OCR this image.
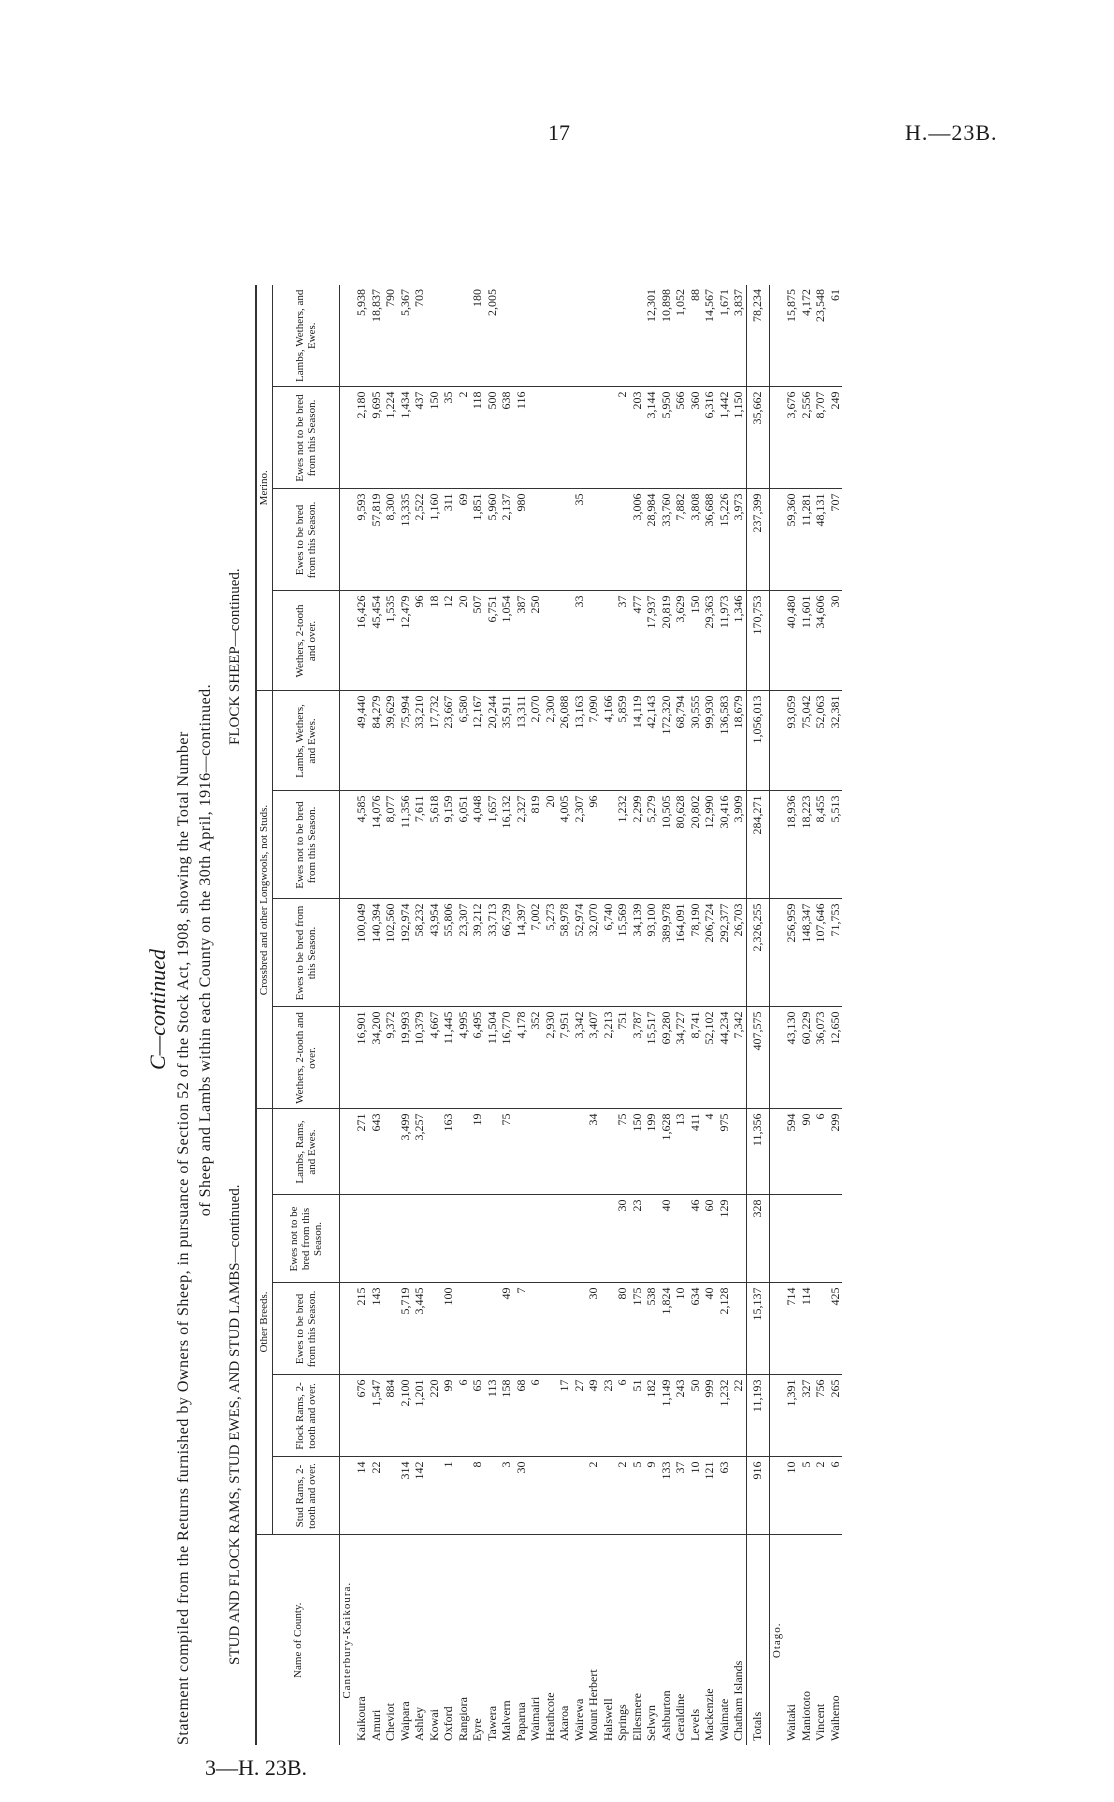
17	H.—23B.
C—continued Statement compiled from the Returns furnished by Owners of Sheep, in pursuance of Section 52 of the Stock Act, 1908, showing the Total Number of Sheep and Lambs within each County on the 30th April, 1916—continued.
STUD AND FLOCK RAMS, STUD EWES, AND STUD LAMBS—continued.
FLOCK SHEEP—continued.
Name of County.	Other Breeds.					Crossbred and other Longwools, not Studs.				Merino.			
	Stud Rams, 2-tooth and over.	Flock Rams, 2-tooth and over.	Ewes to be bred from this Season.	Ewes not to be bred from this Season.	Lambs, Rams, and Ewes.	Wethers, 2-tooth and over.	Ewes to be bred from this Season.	Ewes not to be bred from this Season.	Lambs, Wethers, and Ewes.	Wethers, 2-tooth and over.	Ewes to be bred from this Season.	Ewes not to be bred from this Season.	Lambs, Wethers, and Ewes.
Canterbury-Kaikoura.													
Kaikoura	14	676	215		271	16,901	100,049	4,585	49,440	16,426	9,593	2,180	5,938
Amuri	22	1,547	143		643	34,200	140,394	14,076	84,279	45,454	57,819	9,695	18,837
Cheviot		884				9,372	102,560	8,077	39,629	1,535	8,300	1,224	790
Waipara	314	2,100	5,719		3,499	19,993	192,974	11,356	75,994	12,479	13,335	1,434	5,367
Ashley	142	1,201	3,445		3,257	10,379	58,232	7,611	33,210	96	2,522	437	703
Kowai		220				4,667	43,954	5,618	17,732	18	1,160	150	
Oxford	1	99	100		163	11,445	55,806	9,159	23,667	12	311	35	
Rangiora		6				4,995	23,307	6,051	6,580	20	69	2	
Eyre	8	65			19	6,495	39,212	4,048	12,167	507	1,851	118	180
Tawera		113				11,504	33,713	1,657	20,244	6,751	5,960	500	2,005
Malvern	3	158	49		75	16,770	66,739	16,132	35,911	1,054	2,137	638	
Paparua	30	68	7			4,178	14,397	2,327	13,311	387	980	116	
Waimairi		6				352	7,002	819	2,070	250			
Heathcote						2,930	5,273	20	2,300				
Akaroa		17				7,951	58,978	4,005	26,088				
Wairewa		27				3,342	52,974	2,307	13,163	33	35		
Mount Herbert	2	49	30		34	3,407	32,070	96	7,090				
Halswell		23				2,213	6,740		4,166				
Springs	2	6	80	30	75	751	15,569	1,232	5,859	37		2	
Ellesmere	5	51	175	23	150	3,787	34,139	2,299	14,119	477	3,006	203	
Selwyn	9	182	538		199	15,517	93,100	5,279	42,143	17,937	28,984	3,144	12,301
Ashburton	133	1,149	1,824	40	1,628	69,280	389,978	10,505	172,320	20,819	33,760	5,950	10,898
Geraldine	37	243	10		13	34,727	164,091	80,628	68,794	3,629	7,882	566	1,052
Levels	10	50	634	46	411	8,741	78,190	20,802	30,555	150	3,808	360	88
Mackenzie	121	999	40	60	4	52,102	206,724	12,990	99,930	29,363	36,688	6,316	14,567
Waimate	63	1,232	2,128	129	975	44,234	292,377	30,416	136,583	11,973	15,226	1,442	1,671
Chatham Islands		22				7,342	26,703	3,909	18,679	1,346	3,973	1,150	3,837
Totals	916	11,193	15,137	328	11,356	407,575	2,326,255	284,271	1,056,013	170,753	237,399	35,662	78,234
Otago.													
Waitaki	10	1,391	714		594	43,130	256,959	18,936	93,059	40,480	59,360	3,676	15,875
Maniototo	5	327	114		90	60,229	148,347	18,223	75,042	11,601	11,281	2,556	4,172
Vincent	2	756			6	36,073	107,646	8,455	52,063	34,606	48,131	8,707	23,548
Waihemo	6	265	425		299	12,650	71,753	5,513	32,381	30	707	249	61
3—H. 23B.
